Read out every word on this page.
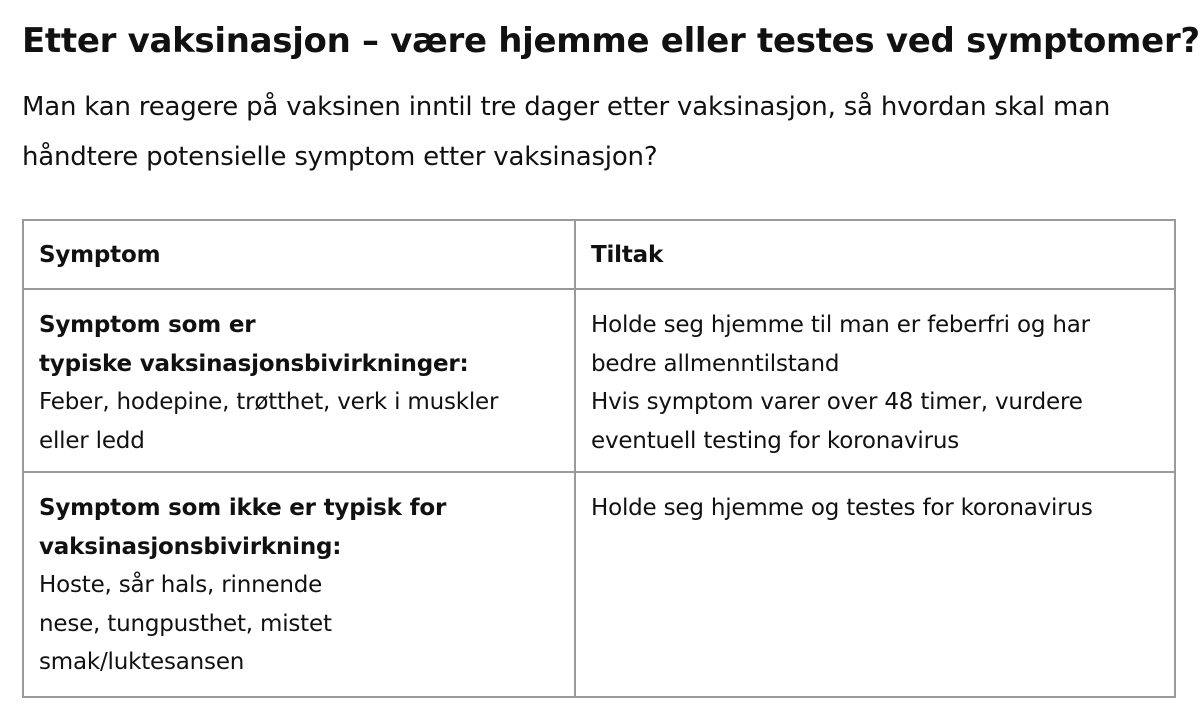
Etter vaksinasjon – være hjemme eller testes ved symptomer?

Man kan reagere på vaksinen inntil tre dager etter vaksinasjon, så hvordan skal man håndtere potensielle symptom etter vaksinasjon?

Symptom	Tiltak

Symptom som er
typiske vaksinasjonsbivirkninger:
Feber, hodepine, trøtthet, verk i muskler
eller ledd	Holde seg hjemme til man er feberfri og har
bedre allmenntilstand
Hvis symptom varer over 48 timer, vurdere
eventuell testing for koronavirus

Symptom som ikke er typisk for
vaksinasjonsbivirkning:
Hoste, sår hals, rinnende
nese, tungpusthet, mistet
smak/luktesansen	Holde seg hjemme og testes for koronavirus
